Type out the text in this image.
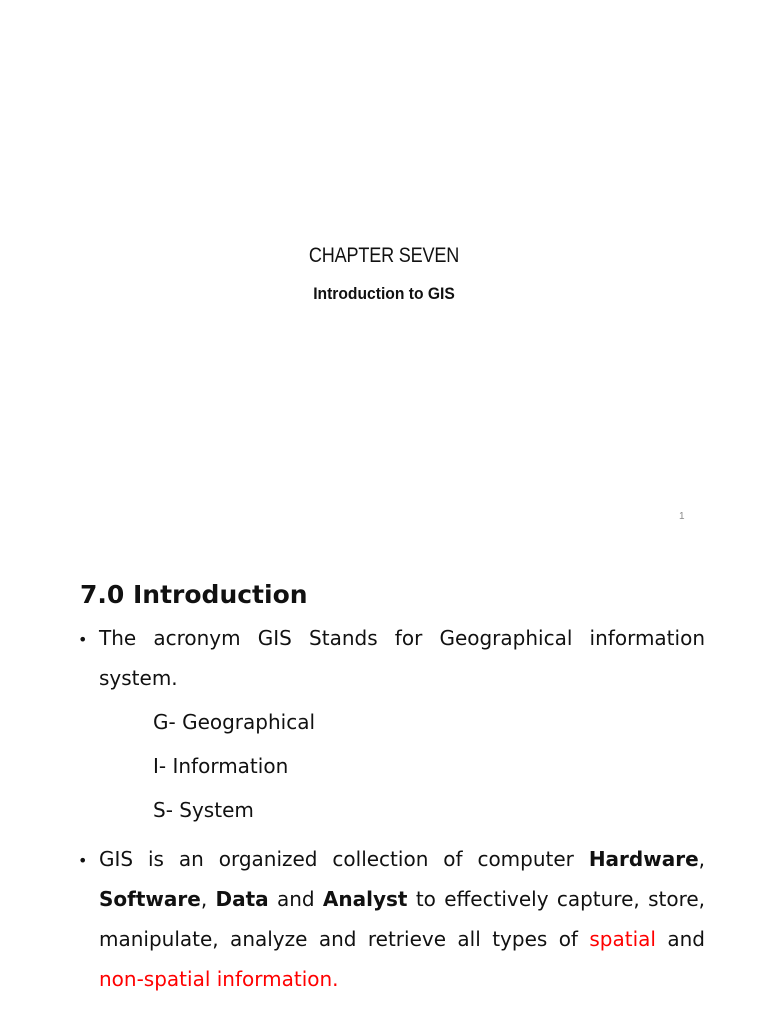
CHAPTER SEVEN
Introduction to GIS
1
7.0 Introduction
• The acronym GIS Stands for Geographical information system.

G- Geographical
I- Information
S- System
• GIS is an organized collection of computer Hardware, Software, Data and Analyst to effectively capture, store, manipulate, analyze and retrieve all types of spatial and non-spatial information.
